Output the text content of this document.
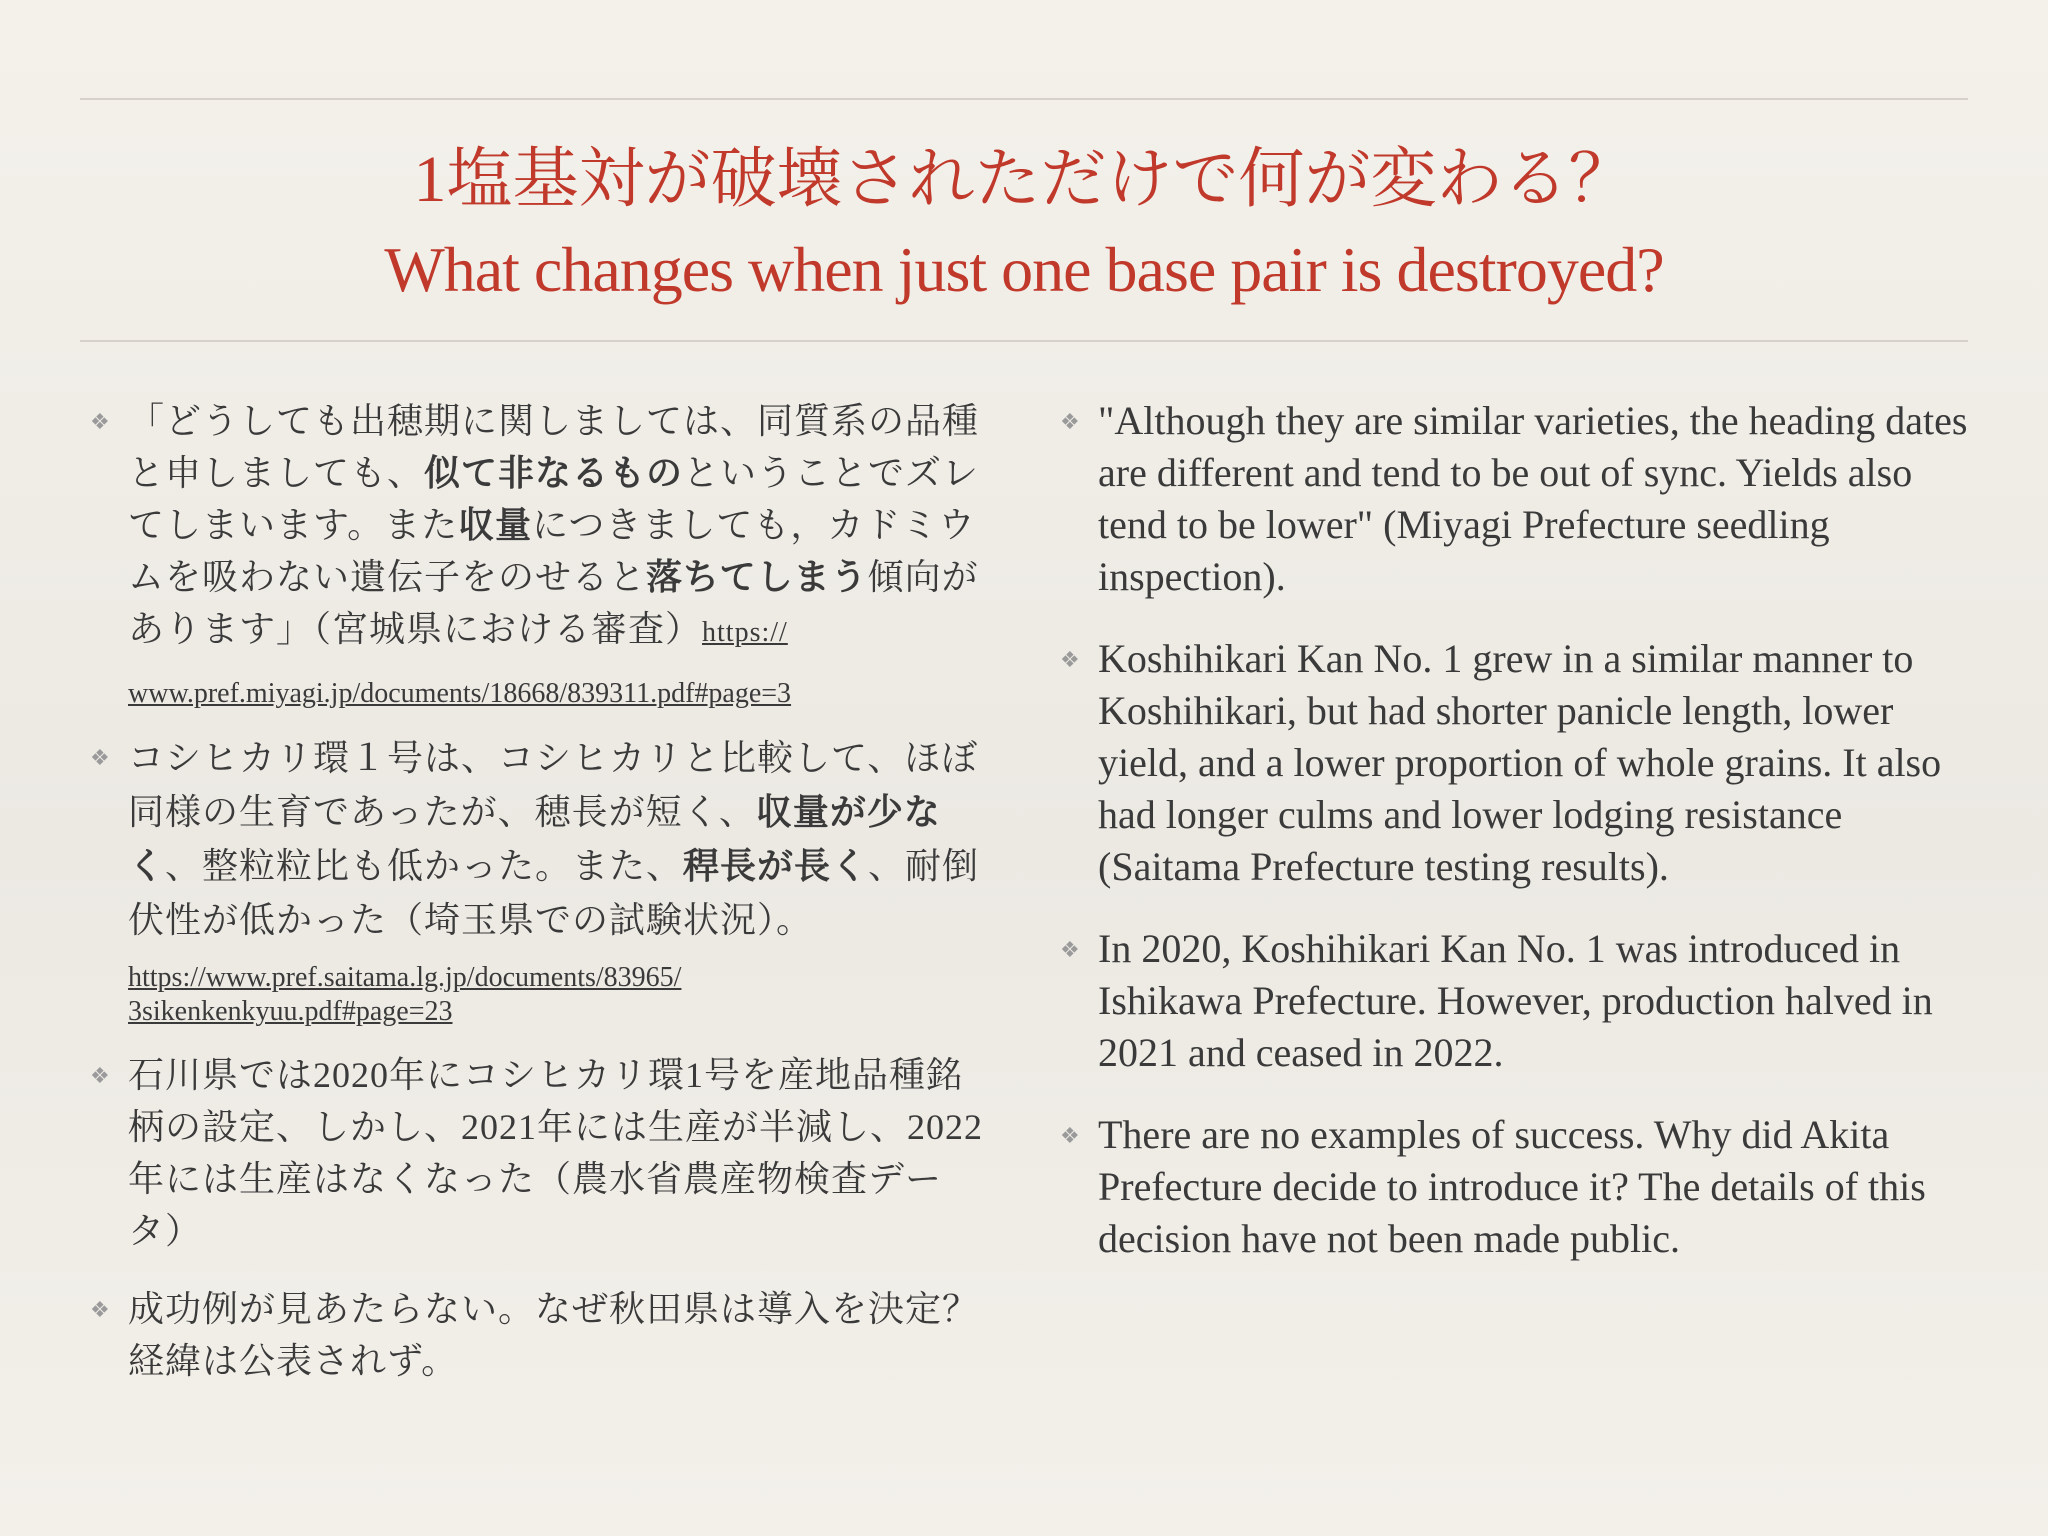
1塩基対が破壊されただけで何が変わる？
What changes when just one base pair is destroyed?
❖ 「どうしても出穂期に関しましては、同質系の品種と申しましても、似て非なるものということでズレてしまいます。また収量につきましても，カドミウムを吸わない遺伝子をのせると落ちてしまう傾向があります」（宮城県における審査）https://
www.pref.miyagi.jp/documents/18668/839311.pdf#page=3
❖ コシヒカリ環１号は、コシヒカリと比較して、ほぼ同様の生育であったが、穂長が短く、収量が少なく、整粒粒比も低かった。また、稈長が長く、耐倒伏性が低かった（埼玉県での試験状況）。
https://www.pref.saitama.lg.jp/documents/83965/
3sikenkenkyuu.pdf#page=23
❖ 石川県では2020年にコシヒカリ環1号を産地品種銘柄の設定、しかし、2021年には生産が半減し、2022年には生産はなくなった（農水省農産物検査データ）
❖ 成功例が見あたらない。なぜ秋田県は導入を決定？　経緯は公表されず。
❖ "Although they are similar varieties, the heading dates are different and tend to be out of sync. Yields also tend to be lower" (Miyagi Prefecture seedling inspection).
❖ Koshihikari Kan No. 1 grew in a similar manner to Koshihikari, but had shorter panicle length, lower yield, and a lower proportion of whole grains. It also had longer culms and lower lodging resistance (Saitama Prefecture testing results).
❖ In 2020, Koshihikari Kan No. 1 was introduced in Ishikawa Prefecture. However, production halved in 2021 and ceased in 2022.
❖ There are no examples of success. Why did Akita Prefecture decide to introduce it? The details of this decision have not been made public.
